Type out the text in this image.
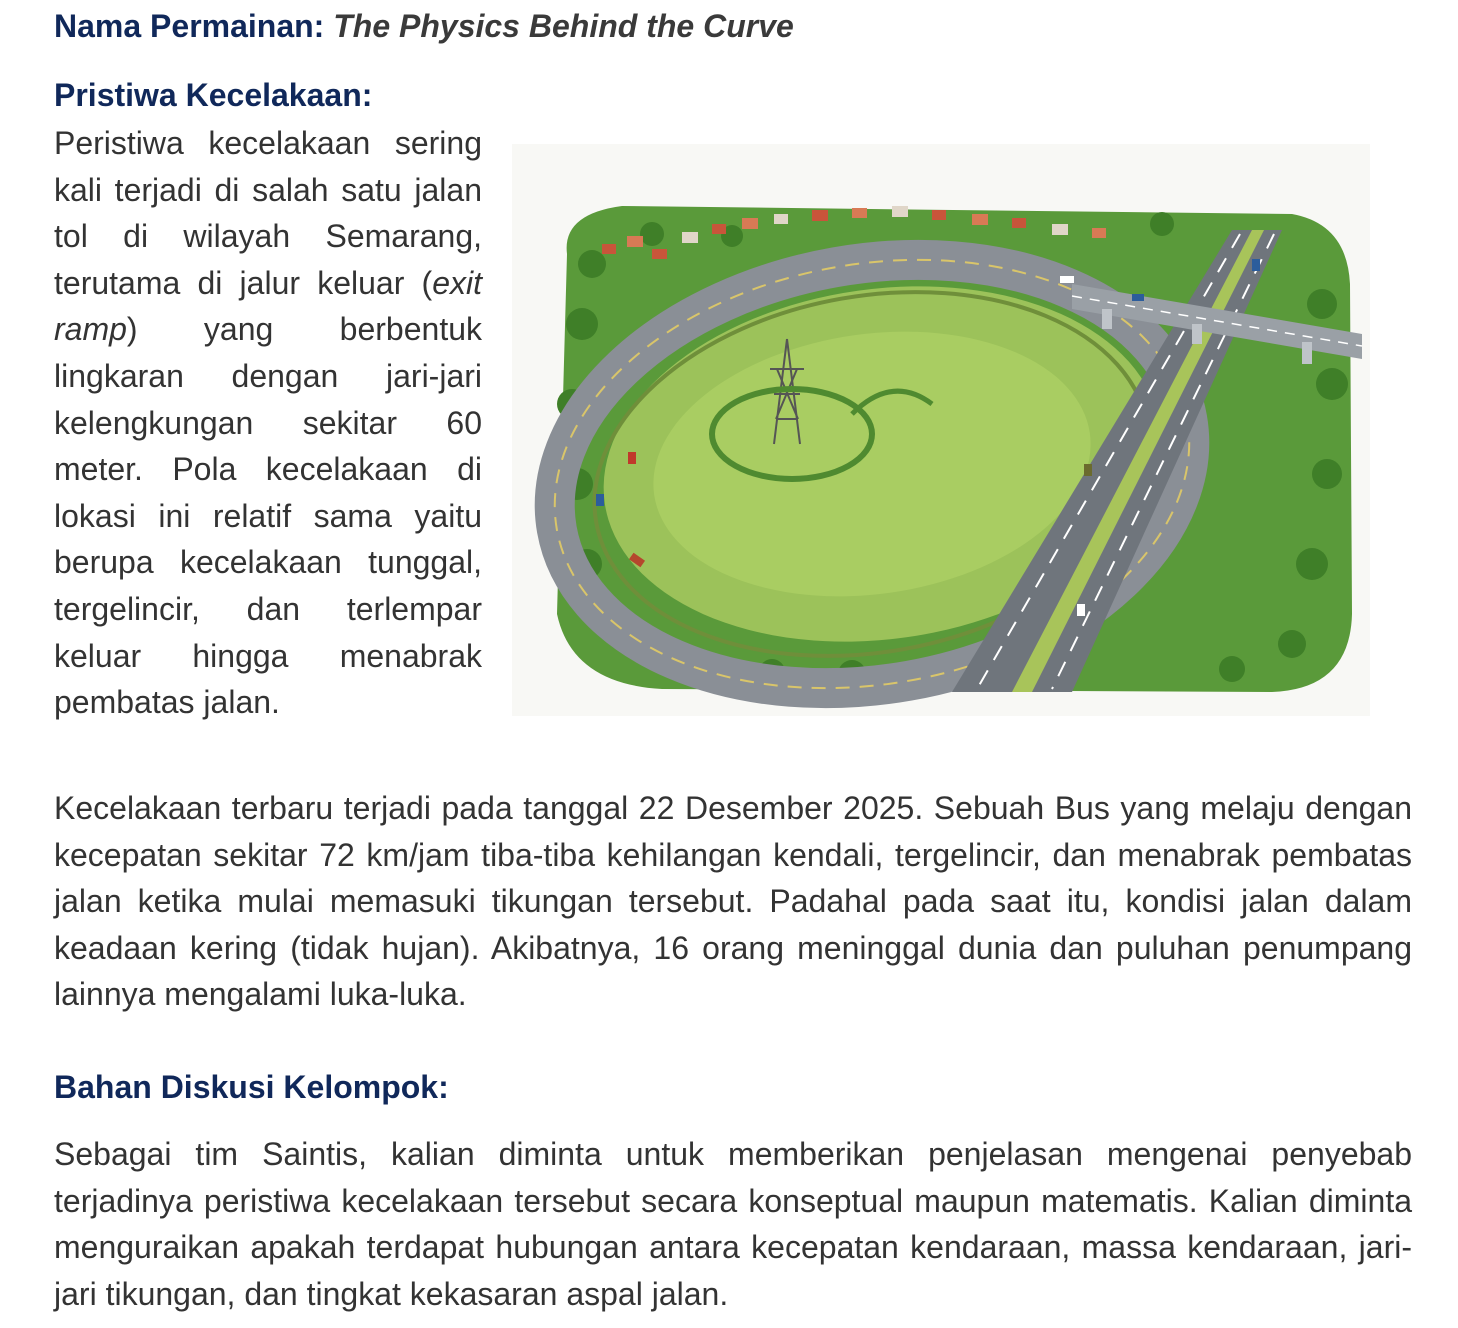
Nama Permainan: The Physics Behind the Curve
Pristiwa Kecelakaan:

Peristiwa kecelakaan sering kali terjadi di salah satu jalan tol di wilayah Semarang, terutama di jalur keluar (exit ramp) yang berbentuk lingkaran dengan jari-jari kelengkungan sekitar 60 meter. Pola kecelakaan di lokasi ini relatif sama yaitu berupa kecelakaan tunggal, tergelincir, dan terlempar keluar hingga menabrak pembatas jalan.

Kecelakaan terbaru terjadi pada tanggal 22 Desember 2025. Sebuah Bus yang melaju dengan kecepatan sekitar 72 km/jam tiba-tiba kehilangan kendali, tergelincir, dan menabrak pembatas jalan ketika mulai memasuki tikungan tersebut. Padahal pada saat itu, kondisi jalan dalam keadaan kering (tidak hujan). Akibatnya, 16 orang meninggal dunia dan puluhan penumpang lainnya mengalami luka-luka.

Bahan Diskusi Kelompok:

Sebagai tim Saintis, kalian diminta untuk memberikan penjelasan mengenai penyebab terjadinya peristiwa kecelakaan tersebut secara konseptual maupun matematis. Kalian diminta menguraikan apakah terdapat hubungan antara kecepatan kendaraan, massa kendaraan, jari-jari tikungan, dan tingkat kekasaran aspal jalan.
